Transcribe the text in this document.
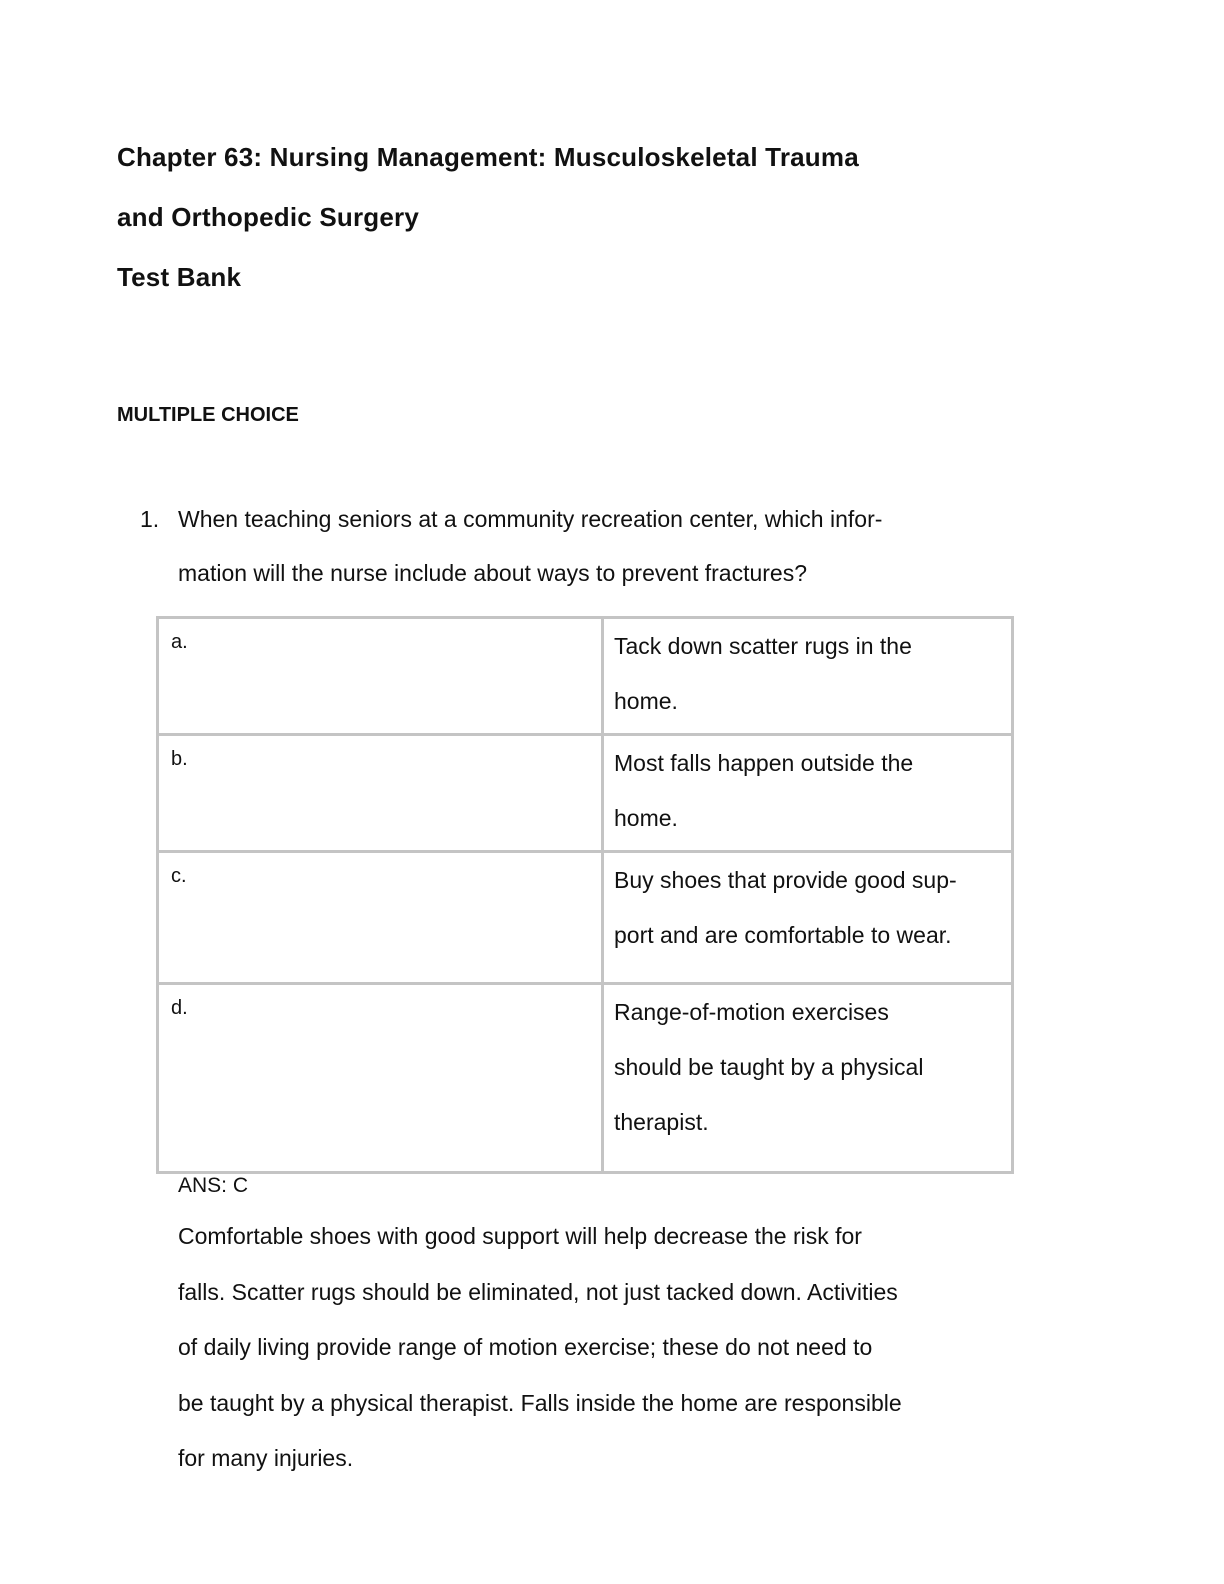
Chapter 63: Nursing Management: Musculoskeletal Trauma
and Orthopedic Surgery
Test Bank
MULTIPLE CHOICE
1. When teaching seniors at a community recreation center, which infor-
mation will the nurse include about ways to prevent fractures?
a.	Tack down scatter rugs in the
home.

b.	Most falls happen outside the
home.

c.	Buy shoes that provide good sup-
port and are comfortable to wear.

d.	Range-of-motion exercises
should be taught by a physical
therapist.
ANS: C
Comfortable shoes with good support will help decrease the risk for
falls. Scatter rugs should be eliminated, not just tacked down. Activities
of daily living provide range of motion exercise; these do not need to
be taught by a physical therapist. Falls inside the home are responsible
for many injuries.
